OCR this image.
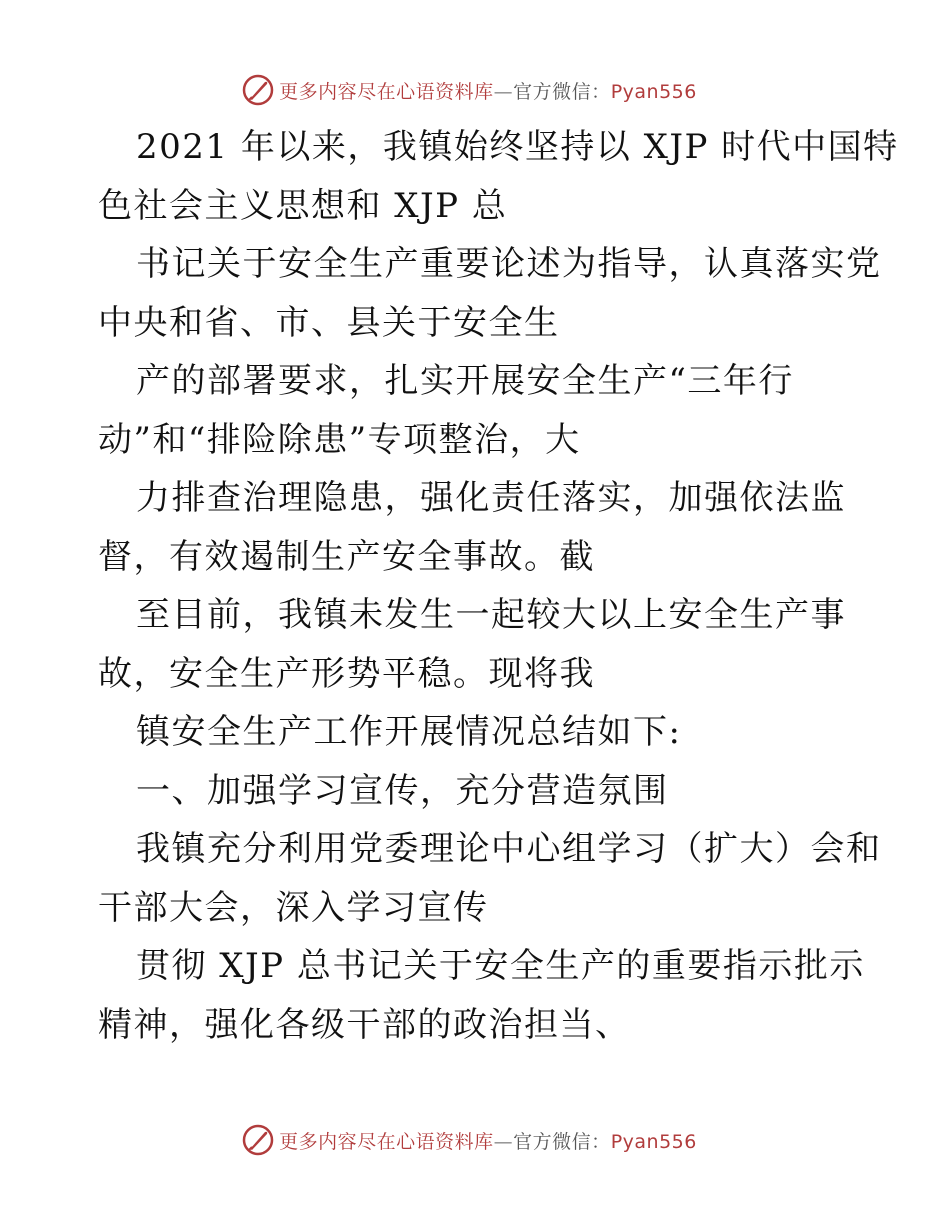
更多内容尽在心语资料库—官方微信：Pyan556
2021 年以来，我镇始终坚持以 XJP 时代中国特
色社会主义思想和 XJP 总
书记关于安全生产重要论述为指导，认真落实党
中央和省、市、县关于安全生
产的部署要求，扎实开展安全生产“三年行
动”和“排险除患”专项整治，大
力排查治理隐患，强化责任落实，加强依法监
督，有效遏制生产安全事故。截
至目前，我镇未发生一起较大以上安全生产事
故，安全生产形势平稳。现将我
镇安全生产工作开展情况总结如下:
一、加强学习宣传，充分营造氛围
我镇充分利用党委理论中心组学习（扩大）会和
干部大会，深入学习宣传
贯彻 XJP 总书记关于安全生产的重要指示批示
精神，强化各级干部的政治担当、
更多内容尽在心语资料库—官方微信：Pyan556
